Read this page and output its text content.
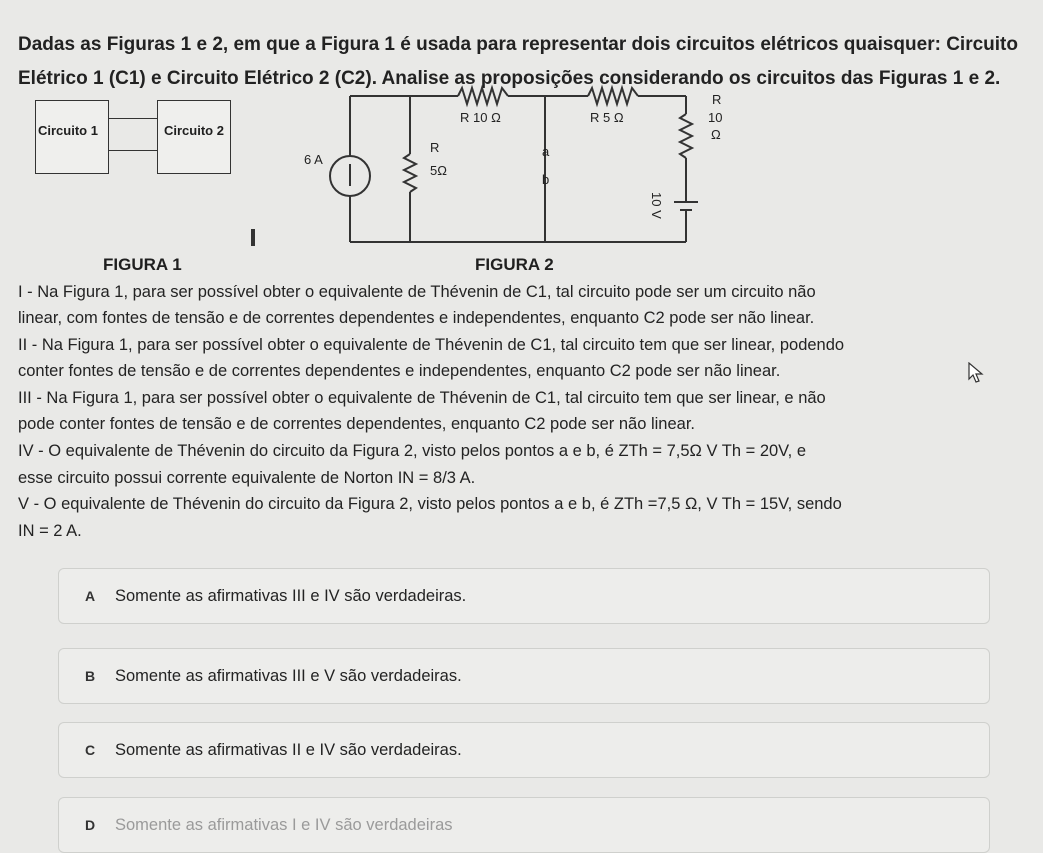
Dadas as Figuras 1 e 2, em que a Figura 1 é usada para representar dois circuitos elétricos quaisquer: Circuito
Elétrico 1 (C1) e Circuito Elétrico 2 (C2). Analise as proposições considerando os circuitos das Figuras 1 e 2.
Circuito 1	Circuito 2
FIGURA 1
R 10 Ω	R 5 Ω
R
10
Ω
6 A
R
5Ω
a
b
10 V
FIGURA 2
I - Na Figura 1, para ser possível obter o equivalente de Thévenin de C1, tal circuito pode ser um circuito não
linear, com fontes de tensão e de correntes dependentes e independentes, enquanto C2 pode ser não linear.
II - Na Figura 1, para ser possível obter o equivalente de Thévenin de C1, tal circuito tem que ser linear, podendo
conter fontes de tensão e de correntes dependentes e independentes, enquanto C2 pode ser não linear.
III - Na Figura 1, para ser possível obter o equivalente de Thévenin de C1, tal circuito tem que ser linear, e não
pode conter fontes de tensão e de correntes dependentes, enquanto C2 pode ser não linear.
IV - O equivalente de Thévenin do circuito da Figura 2, visto pelos pontos a e b, é ZTh = 7,5Ω V Th = 20V, e
esse circuito possui corrente equivalente de Norton IN = 8/3 A.
V - O equivalente de Thévenin do circuito da Figura 2, visto pelos pontos a e b, é ZTh =7,5 Ω, V Th = 15V, sendo
IN = 2 A.
A	Somente as afirmativas III e IV são verdadeiras.
B	Somente as afirmativas III e V são verdadeiras.
C	Somente as afirmativas II e IV são verdadeiras.
D	Somente as afirmativas I e IV são verdadeiras
